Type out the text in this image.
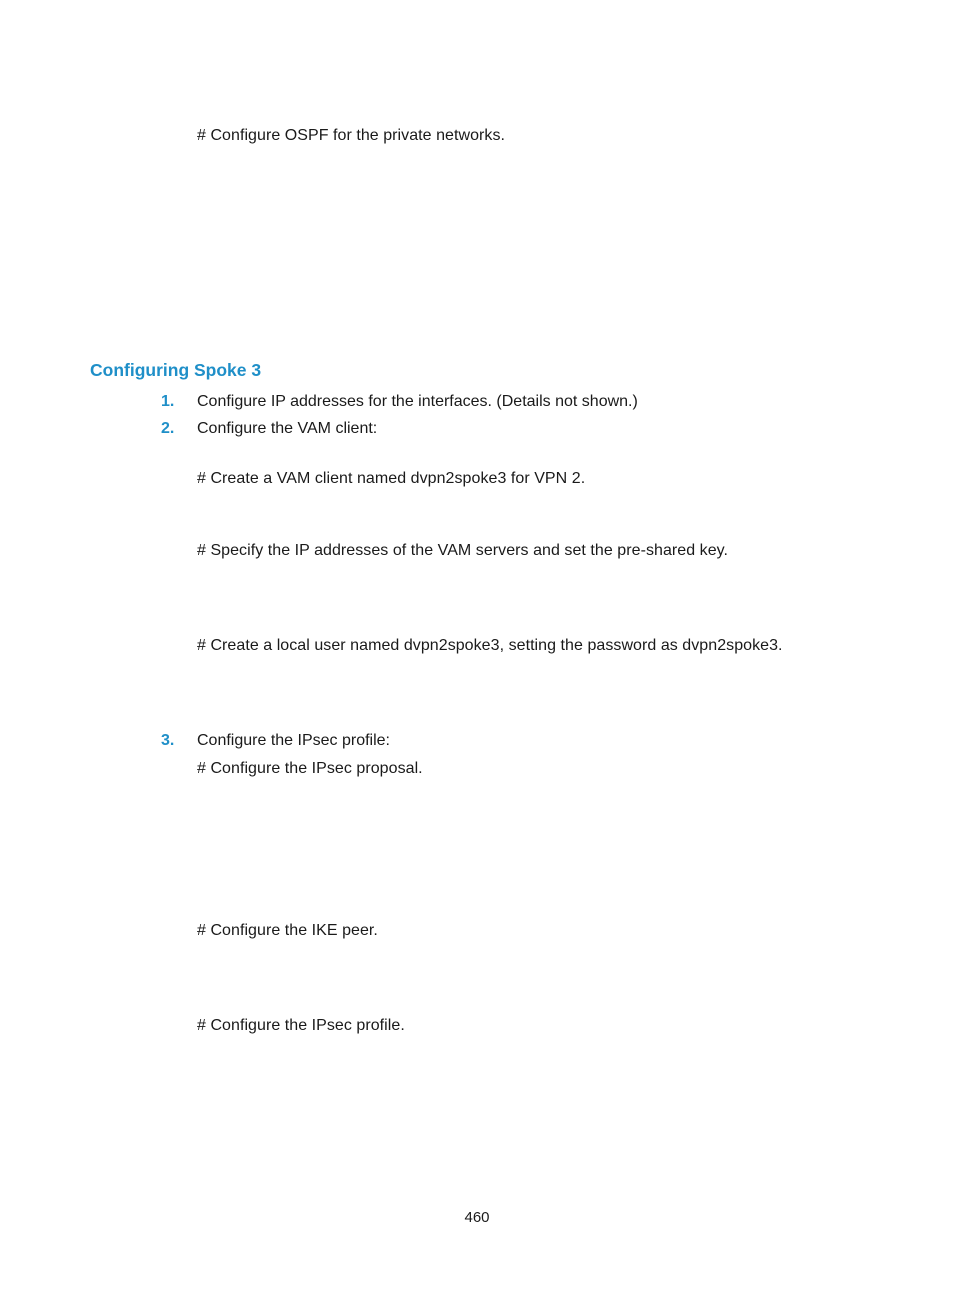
# Configure OSPF for the private networks.
Configuring Spoke 3
1. Configure IP addresses for the interfaces. (Details not shown.)
2. Configure the VAM client:
# Create a VAM client named dvpn2spoke3 for VPN 2.
# Specify the IP addresses of the VAM servers and set the pre-shared key.
# Create a local user named dvpn2spoke3, setting the password as dvpn2spoke3.
3. Configure the IPsec profile:
# Configure the IPsec proposal.
# Configure the IKE peer.
# Configure the IPsec profile.
460
